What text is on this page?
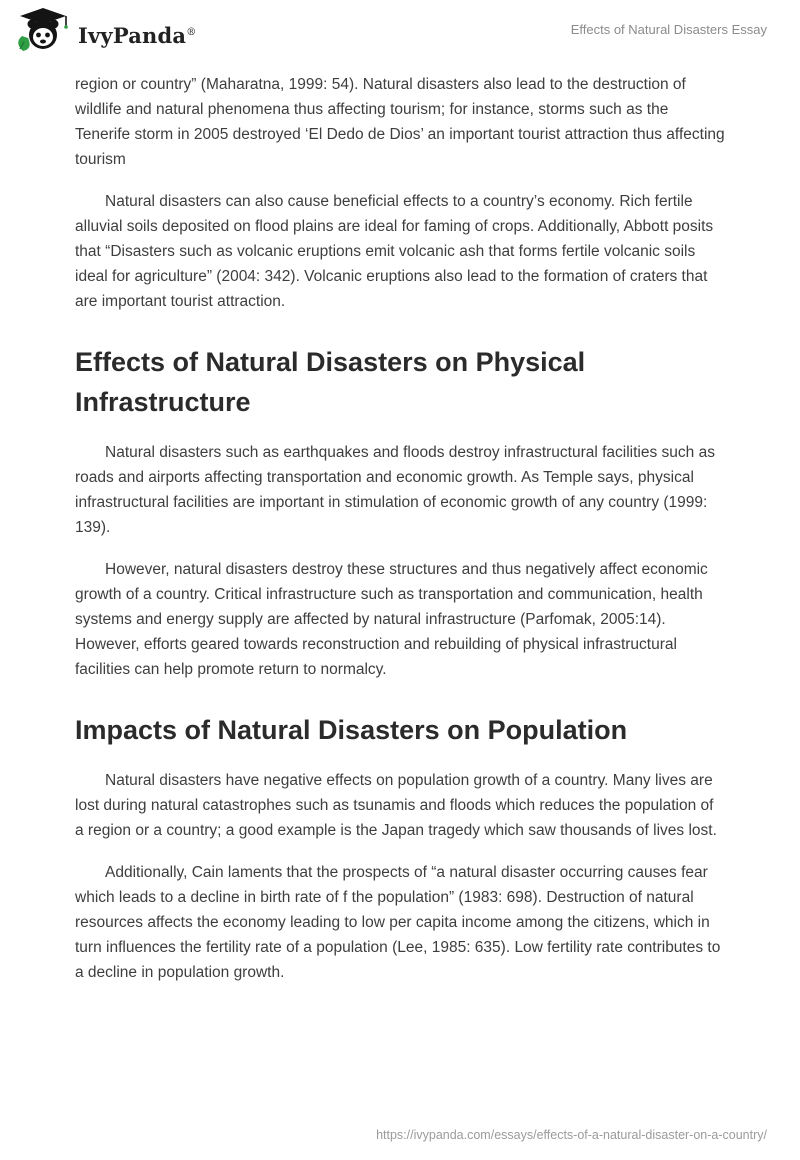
IvyPanda®	Effects of Natural Disasters Essay

region or country” (Maharatna, 1999: 54). Natural disasters also lead to the destruction of wildlife and natural phenomena thus affecting tourism; for instance, storms such as the Tenerife storm in 2005 destroyed ‘El Dedo de Dios’ an important tourist attraction thus affecting tourism

Natural disasters can also cause beneficial effects to a country’s economy. Rich fertile alluvial soils deposited on flood plains are ideal for faming of crops. Additionally, Abbott posits that “Disasters such as volcanic eruptions emit volcanic ash that forms fertile volcanic soils ideal for agriculture” (2004: 342). Volcanic eruptions also lead to the formation of craters that are important tourist attraction.

Effects of Natural Disasters on Physical Infrastructure

Natural disasters such as earthquakes and floods destroy infrastructural facilities such as roads and airports affecting transportation and economic growth. As Temple says, physical infrastructural facilities are important in stimulation of economic growth of any country (1999: 139).

However, natural disasters destroy these structures and thus negatively affect economic growth of a country. Critical infrastructure such as transportation and communication, health systems and energy supply are affected by natural infrastructure (Parfomak, 2005:14). However, efforts geared towards reconstruction and rebuilding of physical infrastructural facilities can help promote return to normalcy.

Impacts of Natural Disasters on Population

Natural disasters have negative effects on population growth of a country. Many lives are lost during natural catastrophes such as tsunamis and floods which reduces the population of a region or a country; a good example is the Japan tragedy which saw thousands of lives lost.

Additionally, Cain laments that the prospects of “a natural disaster occurring causes fear which leads to a decline in birth rate of f the population” (1983: 698). Destruction of natural resources affects the economy leading to low per capita income among the citizens, which in turn influences the fertility rate of a population (Lee, 1985: 635). Low fertility rate contributes to a decline in population growth.

https://ivypanda.com/essays/effects-of-a-natural-disaster-on-a-country/
